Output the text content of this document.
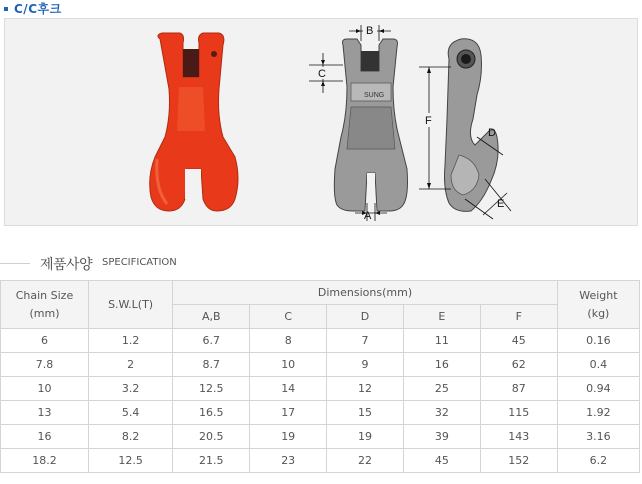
C/C후크
SUNG
B
C
A
F
D
E
제품사양 SPECIFICATION
Chain Size
(mm)	S.W.L(T)	Dimensions(mm)					Weight
(kg)
		A,B	C	D	E	F	
6	1.2	6.7	8	7	11	45	0.16
7.8	2	8.7	10	9	16	62	0.4
10	3.2	12.5	14	12	25	87	0.94
13	5.4	16.5	17	15	32	115	1.92
16	8.2	20.5	19	19	39	143	3.16
18.2	12.5	21.5	23	22	45	152	6.2
